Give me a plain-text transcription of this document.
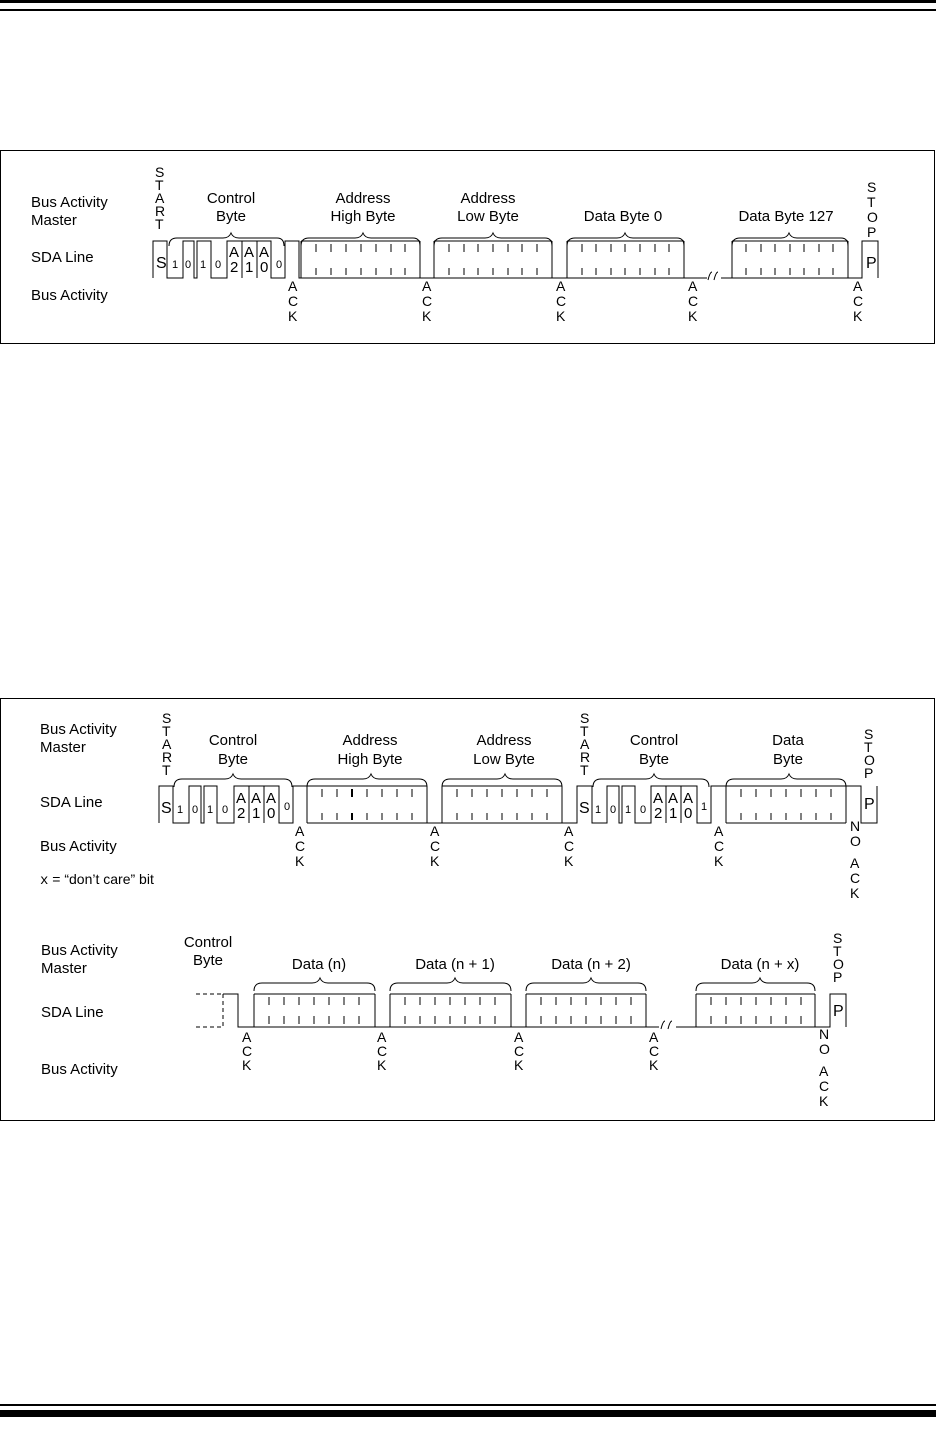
Bus Activity
Master
SDA Line
Bus Activity
S
T
A
R
T
S
T
O
P
Control
Byte
Address
High Byte
Address
Low Byte	Data Byte 0	Data Byte 127
S 1 0 1 0
A
2
A
1
A
0 0	P
A
C
K
A
C
K
A
C
K
A
C
K
A
C
K
Bus Activity
Master
SDA Line
Bus Activity
x = “don’t care” bit
S
T
A
R
T
S
T
A
R
T
S
T
O
P
Control
Byte
Address
High Byte
Address
Low Byte
Control
Byte
Data
Byte
S 1 0 1 0
A
2
A
1
A
0 0	S 1 0 1 0
A
2
A
1
A
0 1	P
A
C
K
A
C
K
A
C
K
A
C
K
N
O
A
C
K
Bus Activity
Master
SDA Line
Bus Activity
Control
Byte	Data (n)	Data (n + 1)	Data (n + 2)	Data (n + x)
S
T
O
P
P
A
C
K
A
C
K
A
C
K
A
C
K
N
O
A
C
K
